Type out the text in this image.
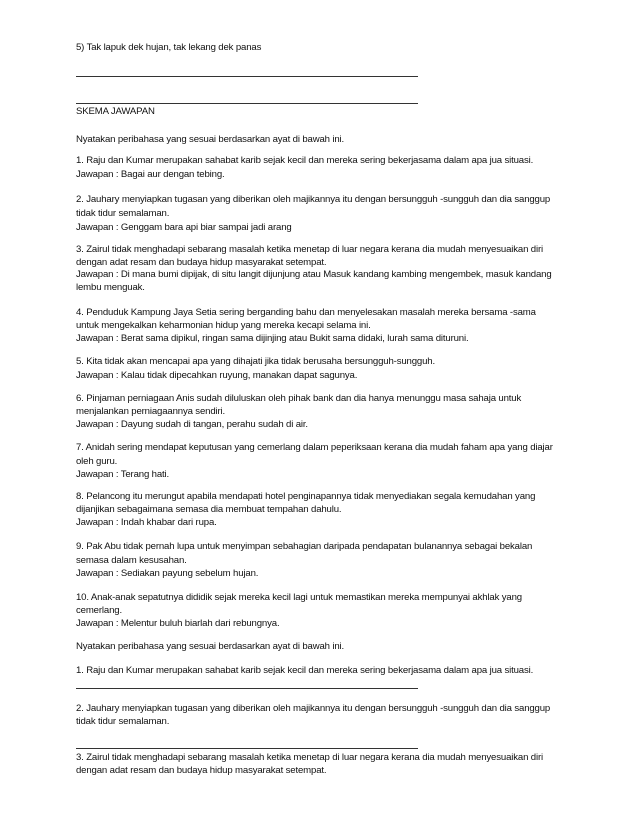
5) Tak lapuk dek hujan, tak lekang dek panas
SKEMA JAWAPAN
Nyatakan peribahasa yang sesuai berdasarkan ayat di bawah ini.
1. Raju dan Kumar merupakan sahabat karib sejak kecil dan mereka sering bekerjasama dalam apa jua situasi.
Jawapan : Bagai aur dengan tebing.
2. Jauhary menyiapkan tugasan yang diberikan oleh majikannya itu dengan bersungguh -sungguh dan dia sanggup
tidak tidur semalaman.
Jawapan : Genggam bara api biar sampai jadi arang
3. Zairul tidak menghadapi sebarang masalah ketika menetap di luar negara kerana dia mudah menyesuaikan diri
dengan adat resam dan budaya hidup masyarakat setempat.
Jawapan : Di mana bumi dipijak, di situ langit dijunjung atau Masuk kandang kambing mengembek, masuk kandang
lembu menguak.
4. Penduduk Kampung Jaya Setia sering berganding bahu dan menyelesakan masalah mereka bersama -sama
untuk mengekalkan keharmonian hidup yang mereka kecapi selama ini.
Jawapan : Berat sama dipikul, ringan sama dijinjing atau Bukit sama didaki, lurah sama dituruni.
5. Kita tidak akan mencapai apa yang dihajati jika tidak berusaha bersungguh-sungguh.
Jawapan : Kalau tidak dipecahkan ruyung, manakan dapat sagunya.
6. Pinjaman perniagaan Anis sudah diluluskan oleh pihak bank dan dia hanya menunggu masa sahaja untuk
menjalankan perniagaannya sendiri.
Jawapan : Dayung sudah di tangan, perahu sudah di air.
7. Anidah sering mendapat keputusan yang cemerlang dalam peperiksaan kerana dia mudah faham apa yang diajar
oleh guru.
Jawapan : Terang hati.
8. Pelancong itu merungut apabila mendapati hotel penginapannya tidak menyediakan segala kemudahan yang
dijanjikan sebagaimana semasa dia membuat tempahan dahulu.
Jawapan : Indah khabar dari rupa.
9. Pak Abu tidak pernah lupa untuk menyimpan sebahagian daripada pendapatan bulanannya sebagai bekalan
semasa dalam kesusahan.
Jawapan : Sediakan payung sebelum hujan.
10. Anak-anak sepatutnya dididik sejak mereka kecil lagi untuk memastikan mereka mempunyai akhlak yang
cemerlang.
Jawapan : Melentur buluh biarlah dari rebungnya.
Nyatakan peribahasa yang sesuai berdasarkan ayat di bawah ini.
1. Raju dan Kumar merupakan sahabat karib sejak kecil dan mereka sering bekerjasama dalam apa jua situasi.
2. Jauhary menyiapkan tugasan yang diberikan oleh majikannya itu dengan bersungguh -sungguh dan dia sanggup
tidak tidur semalaman.
3. Zairul tidak menghadapi sebarang masalah ketika menetap di luar negara kerana dia mudah menyesuaikan diri
dengan adat resam dan budaya hidup masyarakat setempat.
